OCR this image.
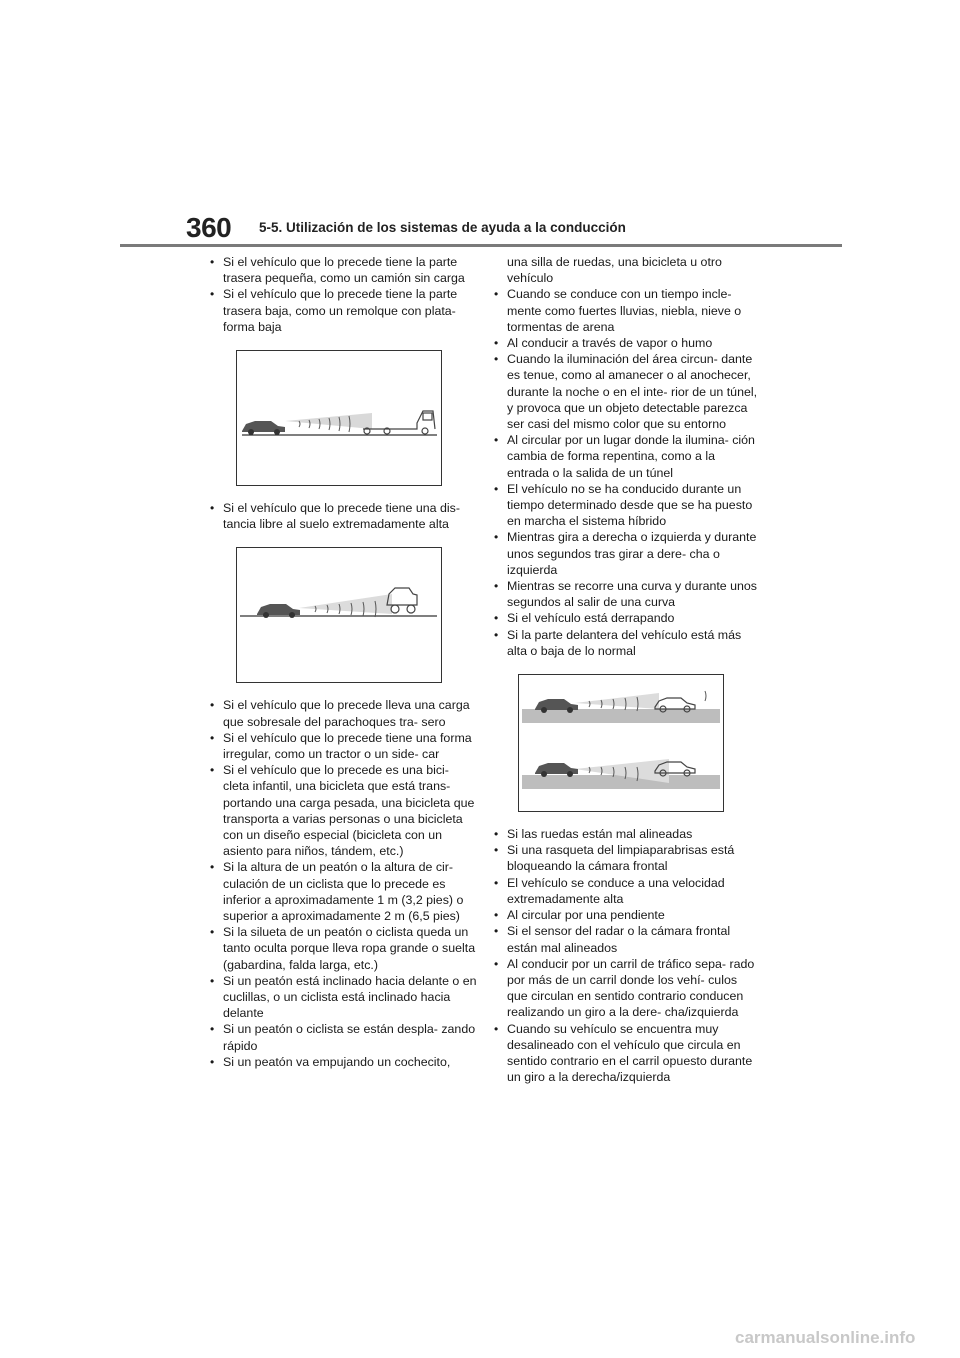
360 5-5. Utilización de los sistemas de ayuda a la conducción
• Si el vehículo que lo precede tiene la parte trasera pequeña, como un camión sin carga
• Si el vehículo que lo precede tiene la parte trasera baja, como un remolque con plata- forma baja
• Si el vehículo que lo precede tiene una dis- tancia libre al suelo extremadamente alta
• Si el vehículo que lo precede lleva una carga que sobresale del parachoques tra- sero
• Si el vehículo que lo precede tiene una forma irregular, como un tractor o un side- car
• Si el vehículo que lo precede es una bici- cleta infantil, una bicicleta que está trans- portando una carga pesada, una bicicleta que transporta a varias personas o una bicicleta con un diseño especial (bicicleta con un asiento para niños, tándem, etc.)
• Si la altura de un peatón o la altura de cir- culación de un ciclista que lo precede es inferior a aproximadamente 1 m (3,2 pies) o superior a aproximadamente 2 m (6,5 pies)
• Si la silueta de un peatón o ciclista queda un tanto oculta porque lleva ropa grande o suelta (gabardina, falda larga, etc.)
• Si un peatón está inclinado hacia delante o en cuclillas, o un ciclista está inclinado hacia delante
• Si un peatón o ciclista se están despla- zando rápido
• Si un peatón va empujando un cochecito,
una silla de ruedas, una bicicleta u otro vehículo
• Cuando se conduce con un tiempo incle- mente como fuertes lluvias, niebla, nieve o tormentas de arena
• Al conducir a través de vapor o humo
• Cuando la iluminación del área circun- dante es tenue, como al amanecer o al anochecer, durante la noche o en el inte- rior de un túnel, y provoca que un objeto detectable parezca ser casi del mismo color que su entorno
• Al circular por un lugar donde la ilumina- ción cambia de forma repentina, como a la entrada o la salida de un túnel
• El vehículo no se ha conducido durante un tiempo determinado desde que se ha puesto en marcha el sistema híbrido
• Mientras gira a derecha o izquierda y durante unos segundos tras girar a dere- cha o izquierda
• Mientras se recorre una curva y durante unos segundos al salir de una curva
• Si el vehículo está derrapando
• Si la parte delantera del vehículo está más alta o baja de lo normal
• Si las ruedas están mal alineadas
• Si una rasqueta del limpiaparabrisas está bloqueando la cámara frontal
• El vehículo se conduce a una velocidad extremadamente alta
• Al circular por una pendiente
• Si el sensor del radar o la cámara frontal están mal alineados
• Al conducir por un carril de tráfico sepa- rado por más de un carril donde los vehí- culos que circulan en sentido contrario conducen realizando un giro a la dere- cha/izquierda
• Cuando su vehículo se encuentra muy desalineado con el vehículo que circula en sentido contrario en el carril opuesto durante un giro a la derecha/izquierda
carmanualsonline.info
